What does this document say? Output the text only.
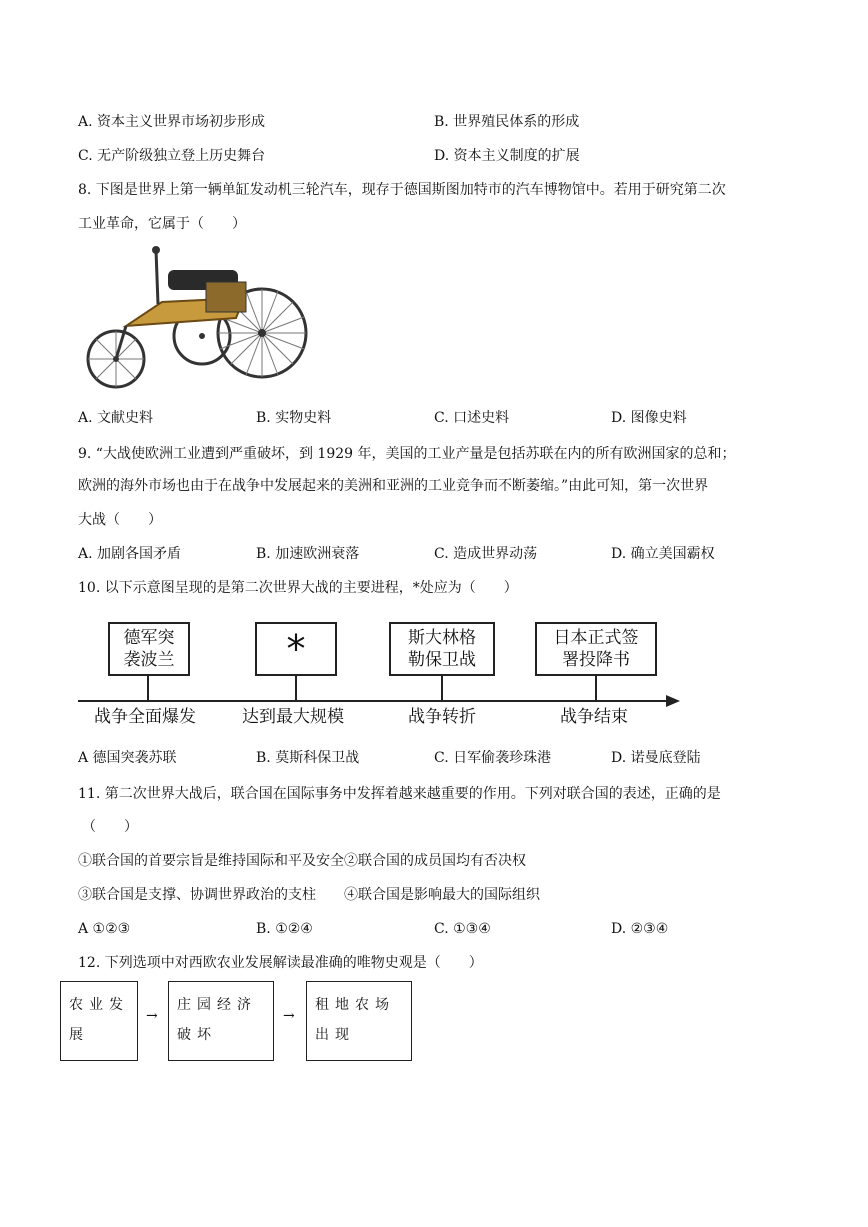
A. 资本主义世界市场初步形成	B. 世界殖民体系的形成
C. 无产阶级独立登上历史舞台	D. 资本主义制度的扩展
8. 下图是世界上第一辆单缸发动机三轮汽车，现存于德国斯图加特市的汽车博物馆中。若用于研究第二次
工业革命，它属于（　　）
A. 文献史料	B. 实物史料	C. 口述史料	D. 图像史料
9. “大战使欧洲工业遭到严重破坏，到 1929 年，美国的工业产量是包括苏联在内的所有欧洲国家的总和；
欧洲的海外市场也由于在战争中发展起来的美洲和亚洲的工业竞争而不断萎缩。”由此可知，第一次世界
大战（　　）
A. 加剧各国矛盾	B. 加速欧洲衰落	C. 造成世界动荡	D. 确立美国霸权
10. 以下示意图呈现的是第二次世界大战的主要进程，*处应为（　　）
德军突
袭波兰	*	斯大林格
勒保卫战
日本正式签
署投降书
战争全面爆发	达到最大规模	战争转折	战争结束
A 德国突袭苏联	B. 莫斯科保卫战	C. 日军偷袭珍珠港	D. 诺曼底登陆
11. 第二次世界大战后，联合国在国际事务中发挥着越来越重要的作用。下列对联合国的表述，正确的是
（　　）
①联合国的首要宗旨是维持国际和平及安全②联合国的成员国均有否决权
③联合国是支撑、协调世界政治的支柱　　④联合国是影响最大的国际组织
A ①②③	B. ①②④	C. ①③④	D. ②③④
12. 下列选项中对西欧农业发展解读最准确的唯物史观是（　　）
农业发展
→
庄园经济破坏
→
租地农场出现
